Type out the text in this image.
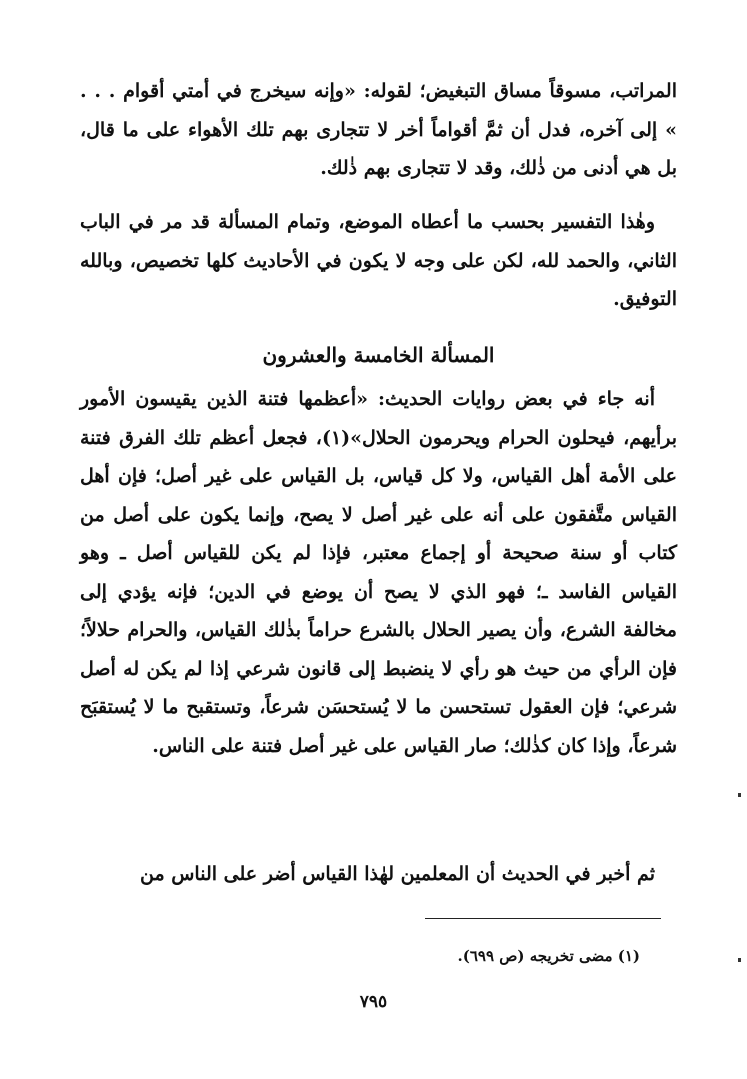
المراتب، مسوقاً مساق التبغيض؛ لقوله: «وإنه سيخرج في أمتي أقوام . . . » إلى آخره، فدل أن ثمَّ أقواماً أخر لا تتجارى بهم تلك الأهواء على ما قال، بل هي أدنى من ذٰلك، وقد لا تتجارى بهم ذٰلك.

وهٰذا التفسير بحسب ما أعطاه الموضع، وتمام المسألة قد مر في الباب الثاني، والحمد لله، لكن على وجه لا يكون في الأحاديث كلها تخصيص، وبالله التوفيق.

المسألة الخامسة والعشرون

أنه جاء في بعض روايات الحديث: «أعظمها فتنة الذين يقيسون الأمور برأيهم، فيحلون الحرام ويحرمون الحلال»(١)، فجعل أعظم تلك الفرق فتنة على الأمة أهل القياس، ولا كل قياس، بل القياس على غير أصل؛ فإن أهل القياس متَّفقون على أنه على غير أصل لا يصح، وإنما يكون على أصل من كتاب أو سنة صحيحة أو إجماع معتبر، فإذا لم يكن للقياس أصل ـ وهو القياس الفاسد ـ؛ فهو الذي لا يصح أن يوضع في الدين؛ فإنه يؤدي إلى مخالفة الشرع، وأن يصير الحلال بالشرع حراماً بذٰلك القياس، والحرام حلالاً؛ فإن الرأي من حيث هو رأي لا ينضبط إلى قانون شرعي إذا لم يكن له أصل شرعي؛ فإن العقول تستحسن ما لا يُستحسَن شرعاً، وتستقبح ما لا يُستقبَح شرعاً، وإذا كان كذٰلك؛ صار القياس على غير أصل فتنة على الناس.

ثم أخبر في الحديث أن المعلمين لهٰذا القياس أضر على الناس من

(١) مضى تخريجه (ص ٦٩٩).

٧٩٥
